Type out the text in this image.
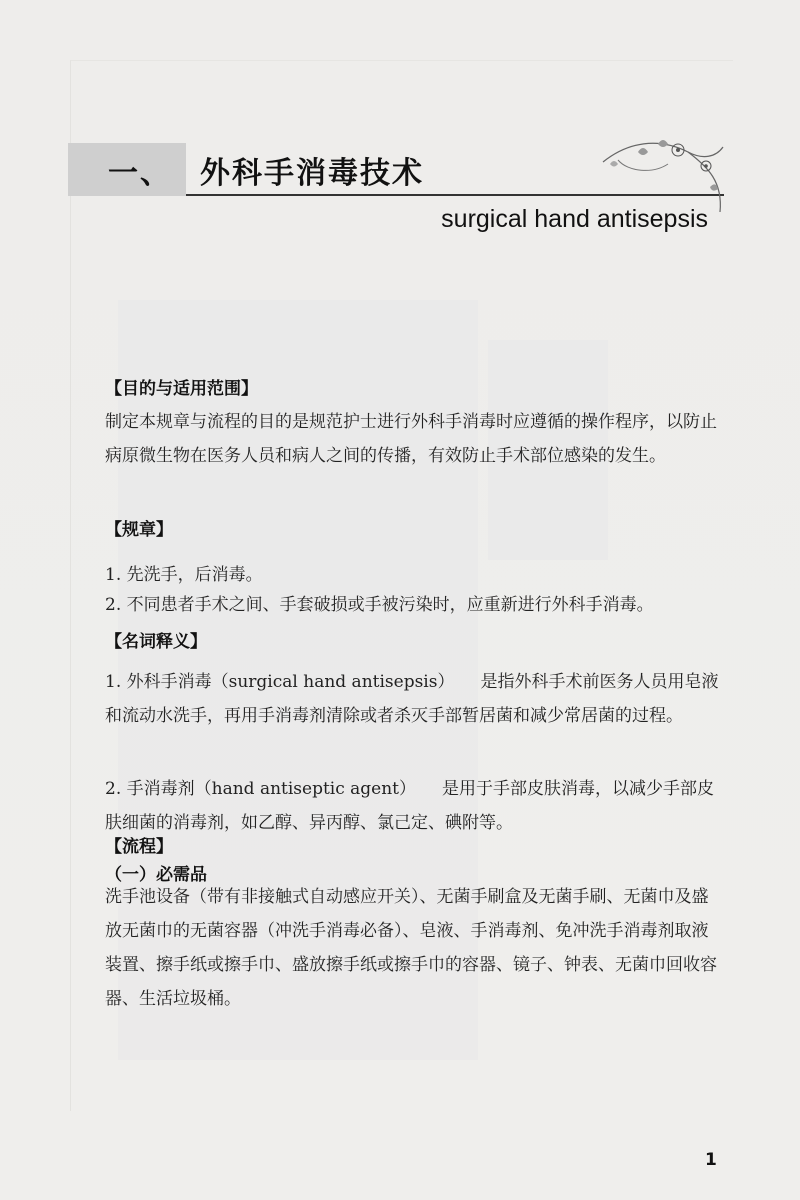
一、 外科手消毒技术
surgical hand antisepsis
【目的与适用范围】
制定本规章与流程的目的是规范护士进行外科手消毒时应遵循的操作程序，以防止病原微生物在医务人员和病人之间的传播，有效防止手术部位感染的发生。
【规章】
1. 先洗手，后消毒。
2. 不同患者手术之间、手套破损或手被污染时，应重新进行外科手消毒。
【名词释义】
1. 外科手消毒（surgical hand antisepsis） 是指外科手术前医务人员用皂液和流动水洗手，再用手消毒剂清除或者杀灭手部暂居菌和减少常居菌的过程。
2. 手消毒剂（hand antiseptic agent） 是用于手部皮肤消毒，以减少手部皮肤细菌的消毒剂，如乙醇、异丙醇、氯己定、碘附等。
【流程】
（一）必需品
洗手池设备（带有非接触式自动感应开关）、无菌手刷盒及无菌手刷、无菌巾及盛放无菌巾的无菌容器（冲洗手消毒必备）、皂液、手消毒剂、免冲洗手消毒剂取液装置、擦手纸或擦手巾、盛放擦手纸或擦手巾的容器、镜子、钟表、无菌巾回收容器、生活垃圾桶。
1
